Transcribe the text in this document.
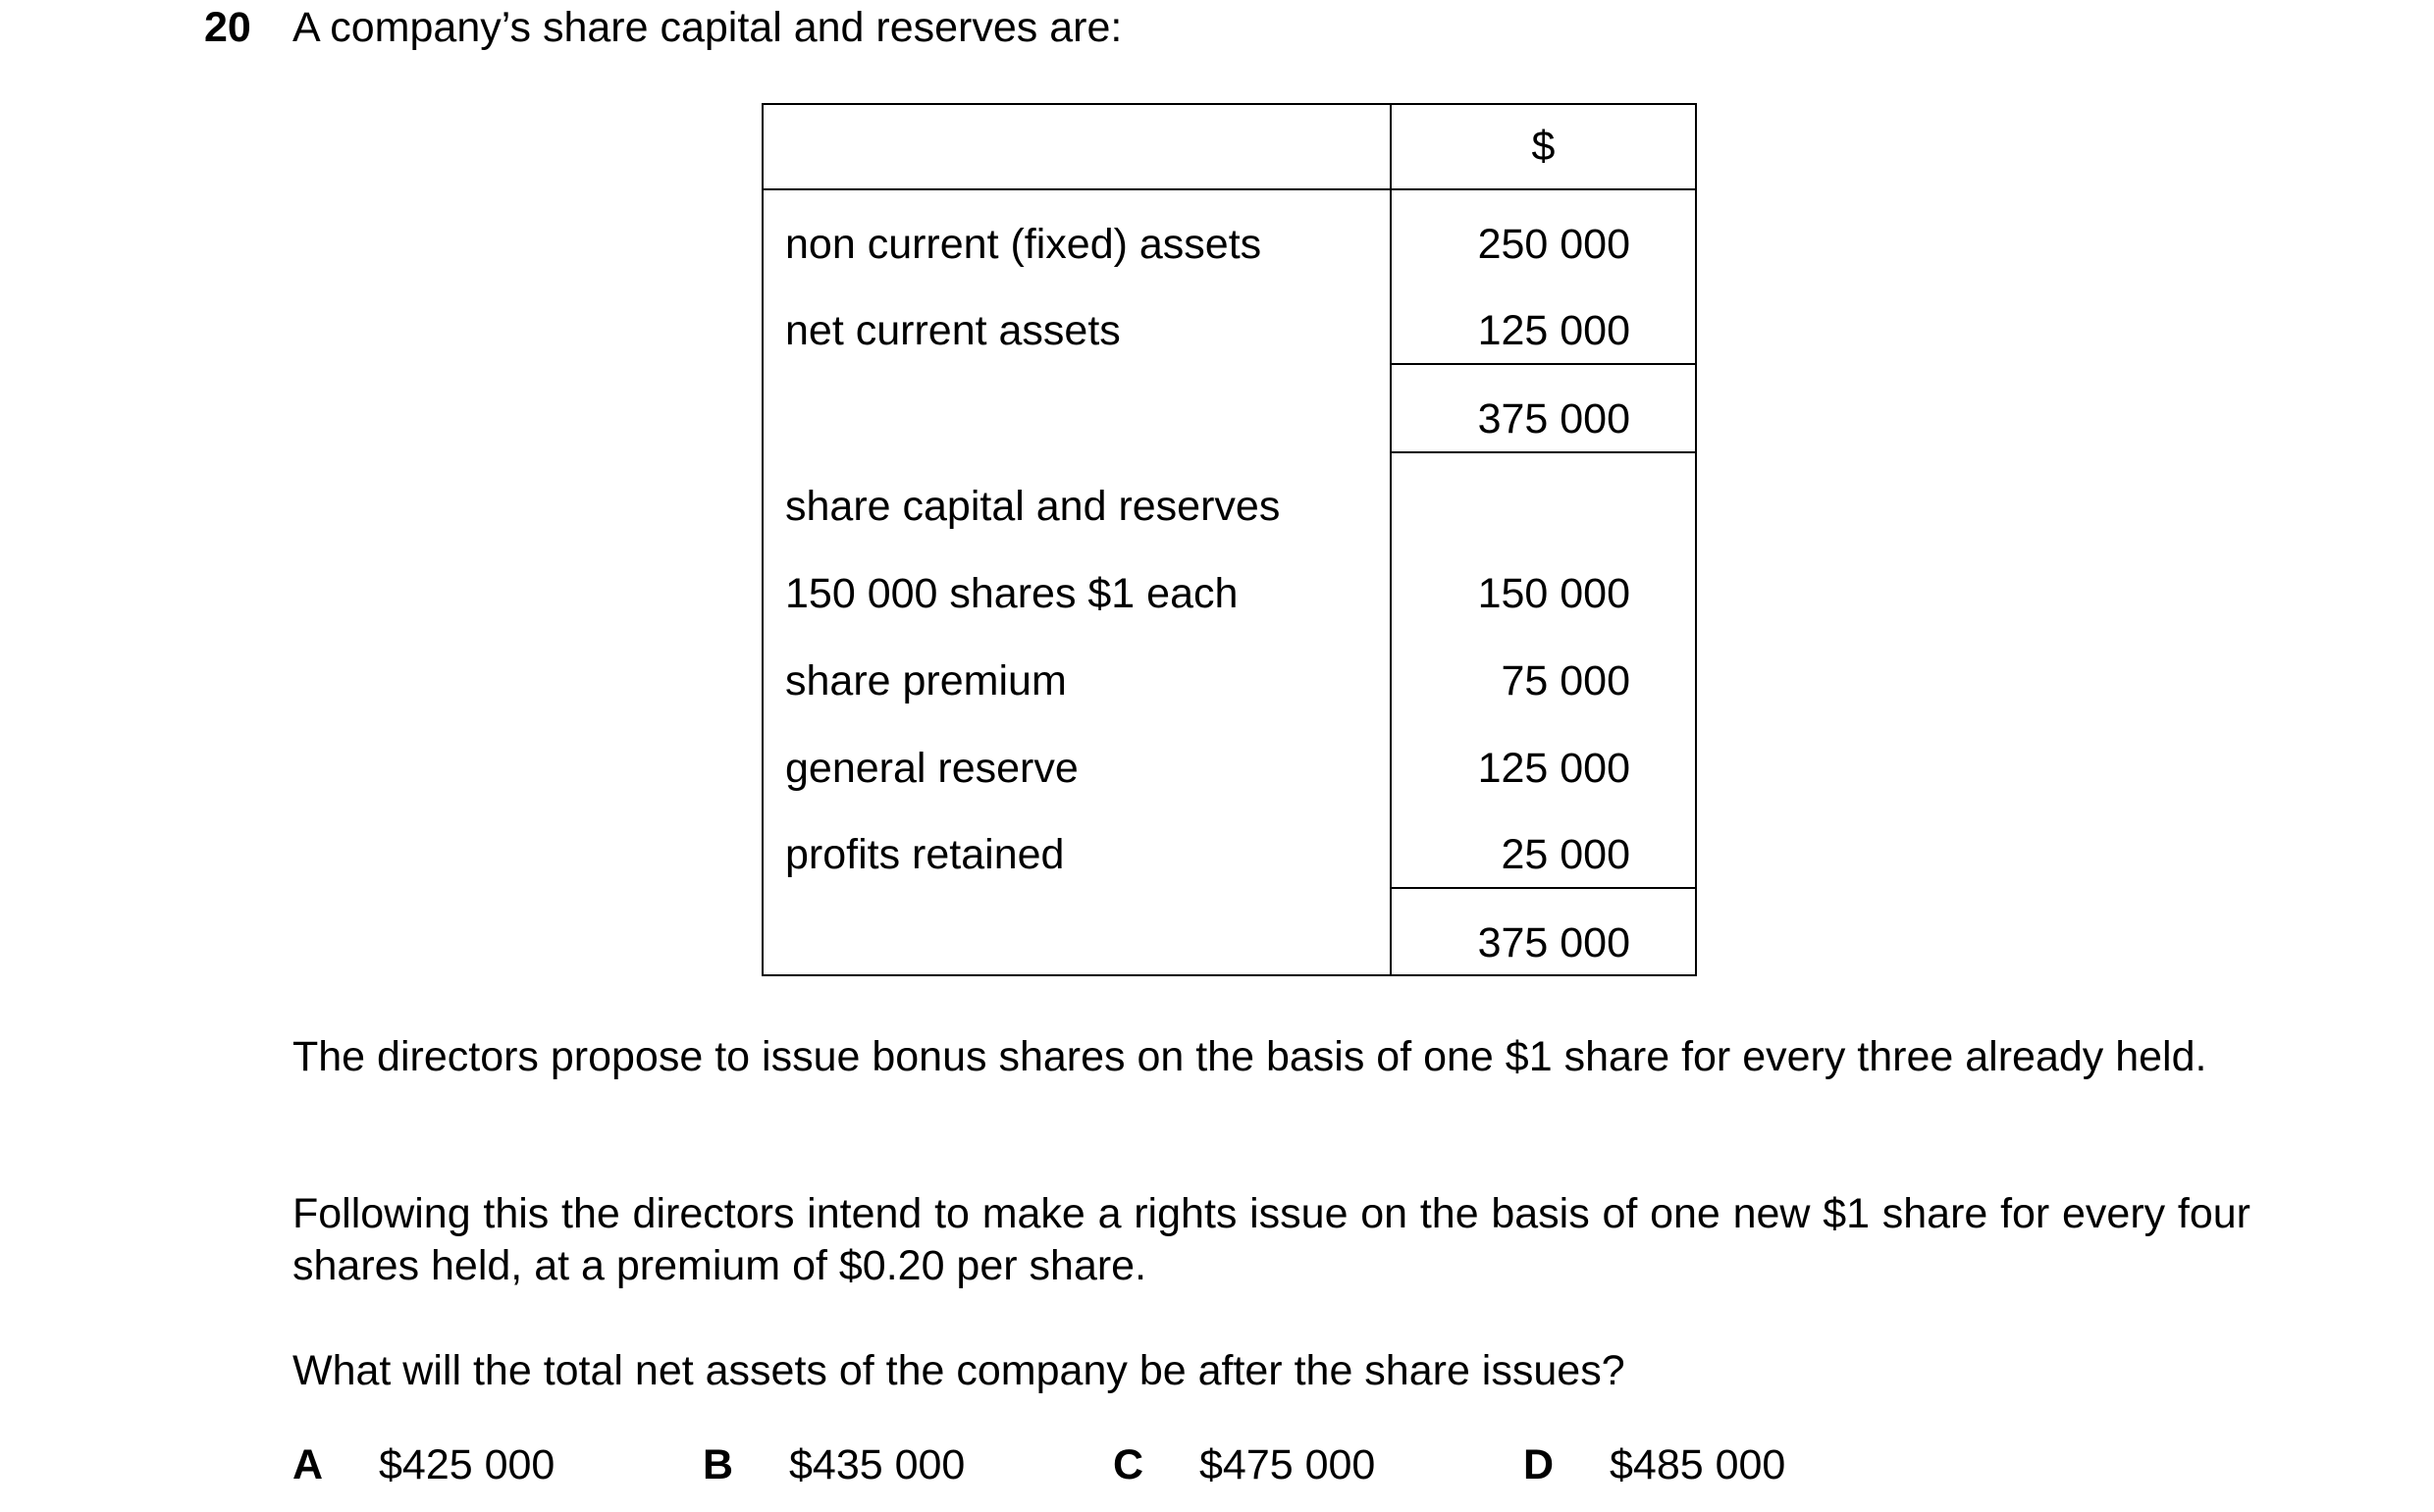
20 A company’s share capital and reserves are:
$
non current (fixed) assets	250 000
net current assets	125 000
375 000
share capital and reserves
150 000 shares $1 each	150 000
share premium	75 000
general reserve	125 000
profits retained	25 000
375 000
The directors propose to issue bonus shares on the basis of one $1 share for every three already held.
Following this the directors intend to make a rights issue on the basis of one new $1 share for every four shares held, at a premium of $0.20 per share.
What will the total net assets of the company be after the share issues?
A $425 000	B $435 000	C $475 000	D $485 000
